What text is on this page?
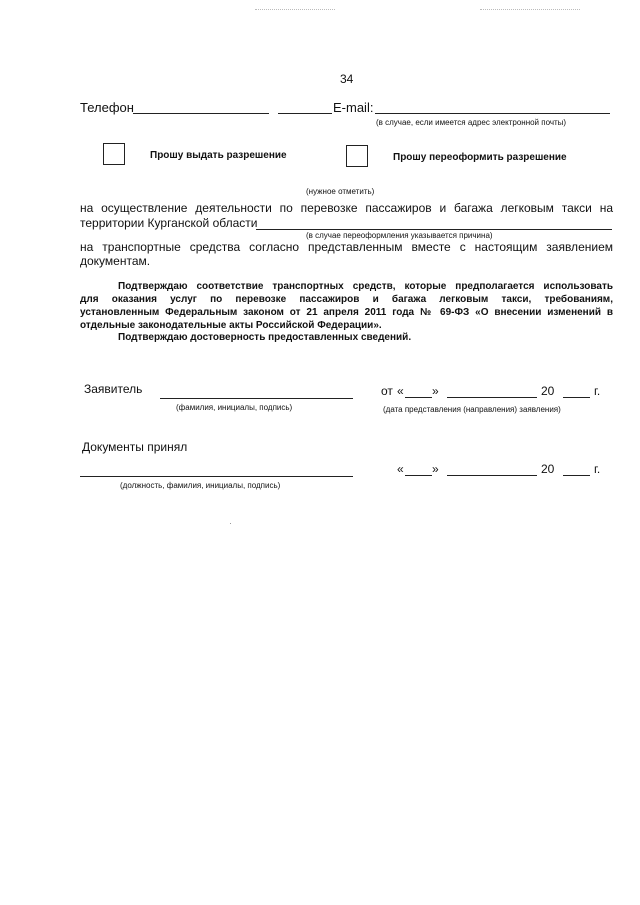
34
Телефон	E-mail:
(в случае, если имеется адрес электронной почты)
Прошу выдать разрешение	Прошу переоформить разрешение
(нужное отметить)
на осуществление деятельности по перевозке пассажиров и багажа легковым такси на
территории Курганской области
(в случае переоформления указывается причина)
на транспортные средства согласно представленным вместе с настоящим заявлением
документам.
Подтверждаю соответствие транспортных средств, которые предполагается использовать
для оказания услуг по перевозке пассажиров и багажа легковым такси, требованиям,
установленным Федеральным законом от 21 апреля 2011 года № 69-ФЗ «О внесении изменений в
отдельные законодательные акты Российской Федерации».
Подтверждаю достоверность предоставленных сведений.
Заявитель
(фамилия, инициалы, подпись)
от « »	20	г.
(дата представления (направления) заявления)
Документы принял
(должность, фамилия, инициалы, подпись)
« »	20	г.
